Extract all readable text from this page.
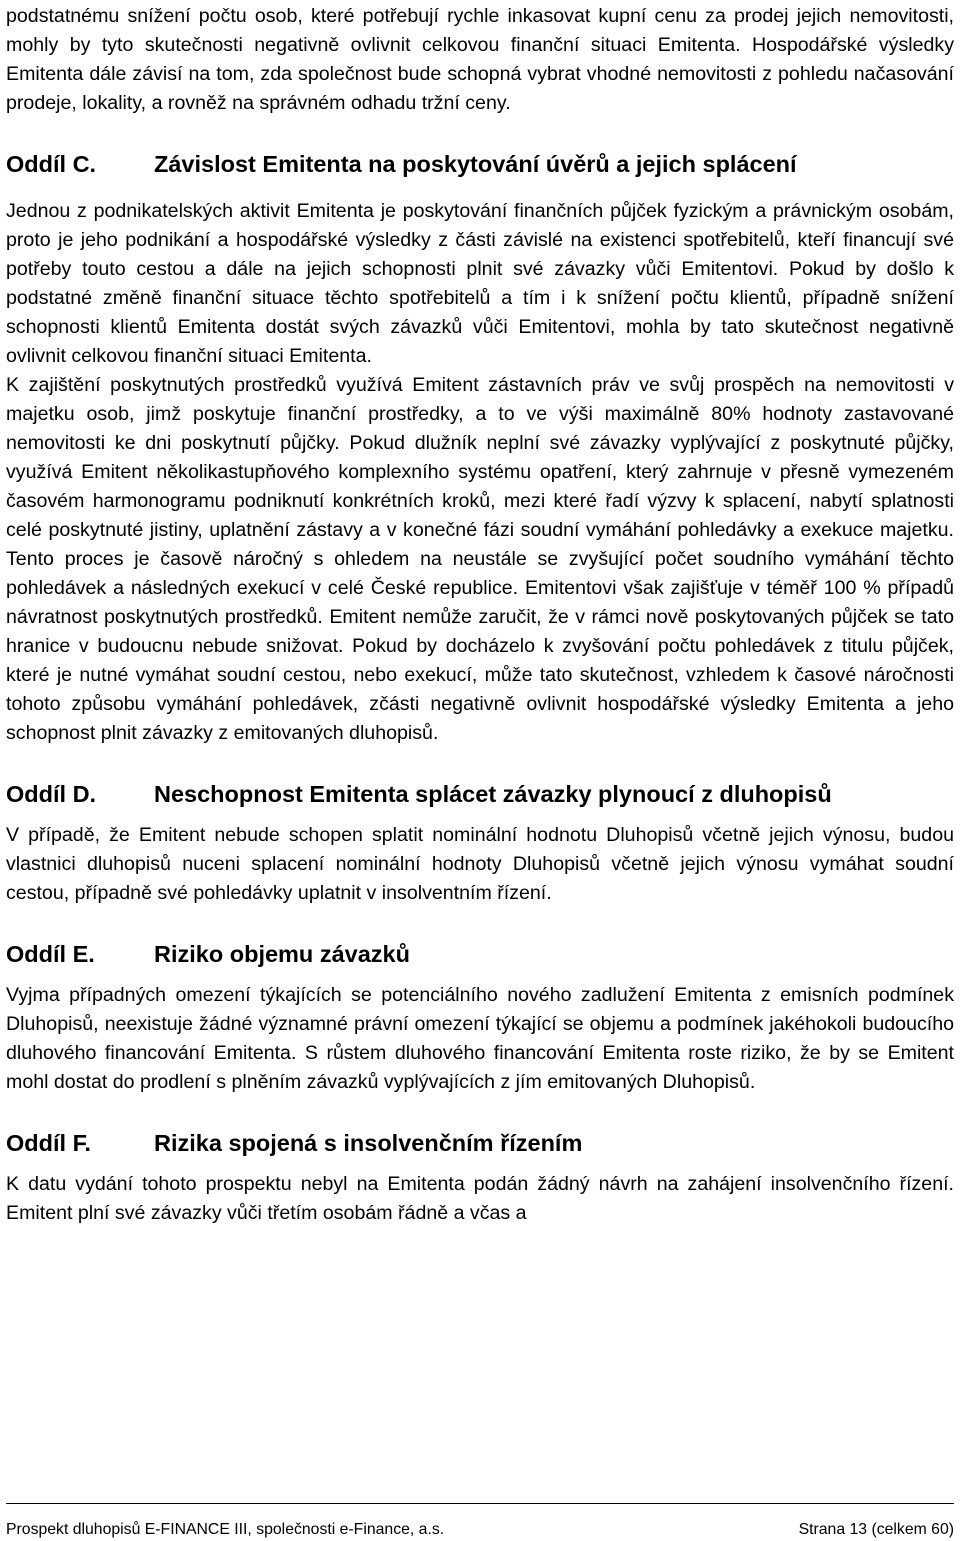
podstatnému snížení počtu osob, které potřebují rychle inkasovat kupní cenu za prodej jejich nemovitosti, mohly by tyto skutečnosti negativně ovlivnit celkovou finanční situaci Emitenta. Hospodářské výsledky Emitenta dále závisí na tom, zda společnost bude schopná vybrat vhodné nemovitosti z pohledu načasování prodeje, lokality, a rovněž na správném odhadu tržní ceny.

Oddíl C.	Závislost Emitenta na poskytování úvěrů a jejich splácení

Jednou z podnikatelských aktivit Emitenta je poskytování finančních půjček fyzickým a právnickým osobám, proto je jeho podnikání a hospodářské výsledky z části závislé na existenci spotřebitelů, kteří financují své potřeby touto cestou a dále na jejich schopnosti plnit své závazky vůči Emitentovi. Pokud by došlo k podstatné změně finanční situace těchto spotřebitelů a tím i k snížení počtu klientů, případně snížení schopnosti klientů Emitenta dostát svých závazků vůči Emitentovi, mohla by tato skutečnost negativně ovlivnit celkovou finanční situaci Emitenta.

K zajištění poskytnutých prostředků využívá Emitent zástavních práv ve svůj prospěch na nemovitosti v majetku osob, jimž poskytuje finanční prostředky, a to ve výši maximálně 80% hodnoty zastavované nemovitosti ke dni poskytnutí půjčky. Pokud dlužník neplní své závazky vyplývající z poskytnuté půjčky, využívá Emitent několikastupňového komplexního systému opatření, který zahrnuje v přesně vymezeném časovém harmonogramu podniknutí konkrétních kroků, mezi které řadí výzvy k splacení, nabytí splatnosti celé poskytnuté jistiny, uplatnění zástavy a v konečné fázi soudní vymáhání pohledávky a exekuce majetku. Tento proces je časově náročný s ohledem na neustále se zvyšující počet soudního vymáhání těchto pohledávek a následných exekucí v celé České republice. Emitentovi však zajišťuje v téměř 100 % případů návratnost poskytnutých prostředků. Emitent nemůže zaručit, že v rámci nově poskytovaných půjček se tato hranice v budoucnu nebude snižovat. Pokud by docházelo k zvyšování počtu pohledávek z titulu půjček, které je nutné vymáhat soudní cestou, nebo exekucí, může tato skutečnost, vzhledem k časové náročnosti tohoto způsobu vymáhání pohledávek, zčásti negativně ovlivnit hospodářské výsledky Emitenta a jeho schopnost plnit závazky z emitovaných dluhopisů.

Oddíl D.	Neschopnost Emitenta splácet závazky plynoucí z dluhopisů

V případě, že Emitent nebude schopen splatit nominální hodnotu Dluhopisů včetně jejich výnosu, budou vlastnici dluhopisů nuceni splacení nominální hodnoty Dluhopisů včetně jejich výnosu vymáhat soudní cestou, případně své pohledávky uplatnit v insolventním řízení.

Oddíl E.	Riziko objemu závazků

Vyjma případných omezení týkajících se potenciálního nového zadlužení Emitenta z emisních podmínek Dluhopisů, neexistuje žádné významné právní omezení týkající se objemu a podmínek jakéhokoli budoucího dluhového financování Emitenta. S růstem dluhového financování Emitenta roste riziko, že by se Emitent mohl dostat do prodlení s plněním závazků vyplývajících z jím emitovaných Dluhopisů.

Oddíl F.	Rizika spojená s insolvenčním řízením

K datu vydání tohoto prospektu nebyl na Emitenta podán žádný návrh na zahájení insolvenčního řízení. Emitent plní své závazky vůči třetím osobám řádně a včas a

Prospekt dluhopisů E-FINANCE III, společnosti e-Finance, a.s.	Strana 13 (celkem 60)
